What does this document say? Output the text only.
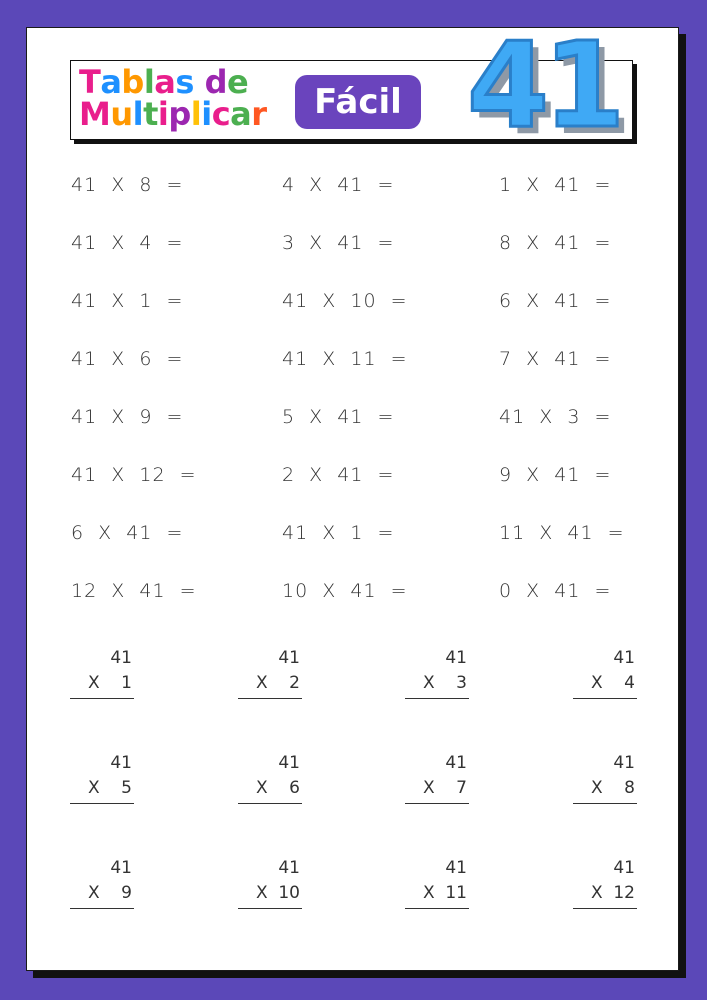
Tablas de
Multiplicar	Fácil 41
41  X  8  =	4  X  41  =	1  X  41  =
41  X  4  =	3  X  41  =	8  X  41  =
41  X  1  =	41  X  10  =	6  X  41  =
41  X  6  =	41  X  11  =	7  X  41  =
41  X  9  =	5  X  41  =	41  X  3  =
41  X  12  =	2  X  41  =	9  X  41  =
6  X  41  =	41  X  1  =	11  X  41  =
12  X  41  =	10  X  41  =	0  X  41  =
41
X 1
41
X 2
41
X 3
41
X 4
41
X 5
41
X 6
41
X 7
41
X 8
41
X 9
41
X 10
41
X 11
41
X 12
